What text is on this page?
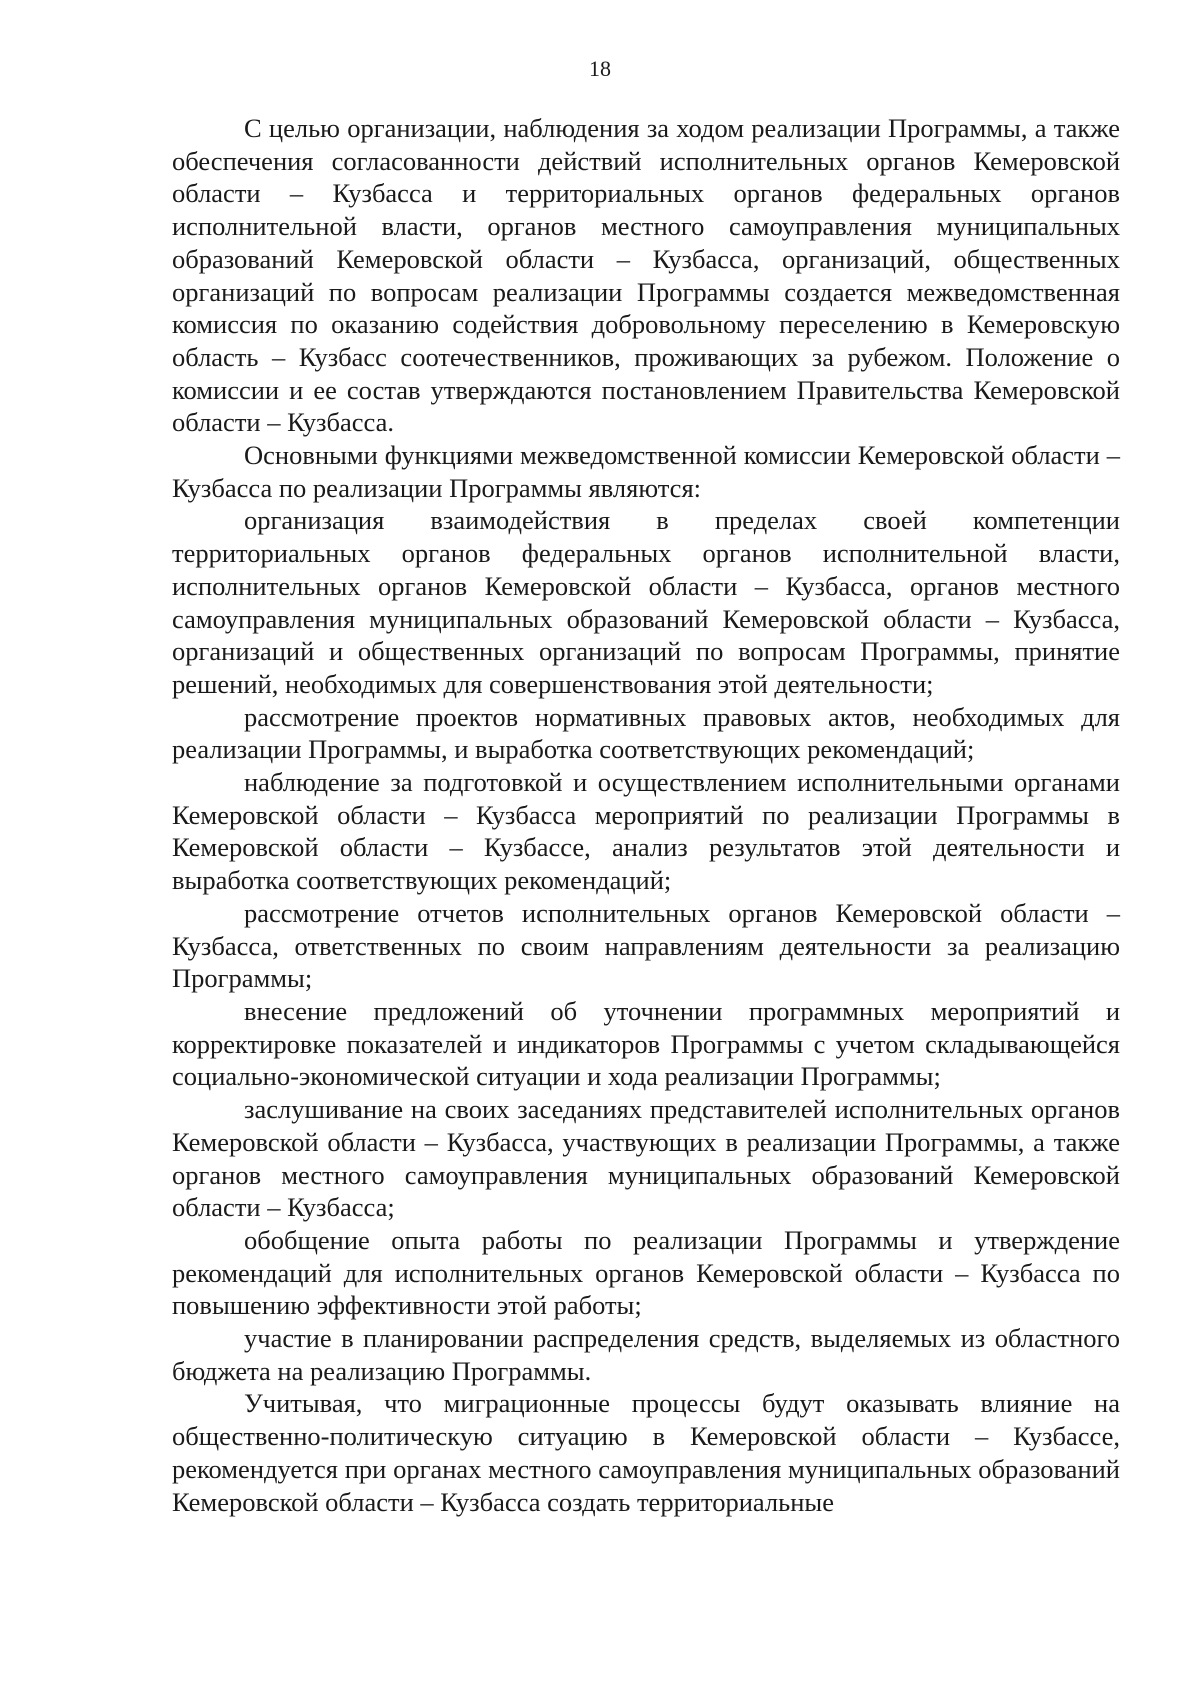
18

С целью организации, наблюдения за ходом реализации Программы, а также обеспечения согласованности действий исполнительных органов Кемеровской области – Кузбасса и территориальных органов федеральных органов исполнительной власти, органов местного самоуправления муниципальных образований Кемеровской области – Кузбасса, организаций, общественных организаций по вопросам реализации Программы создается межведомственная комиссия по оказанию содействия добровольному переселению в Кемеровскую область – Кузбасс соотечественников, проживающих за рубежом. Положение о комиссии и ее состав утверждаются постановлением Правительства Кемеровской области – Кузбасса.

Основными функциями межведомственной комиссии Кемеровской области – Кузбасса по реализации Программы являются:

организация взаимодействия в пределах своей компетенции территориальных органов федеральных органов исполнительной власти, исполнительных органов Кемеровской области – Кузбасса, органов местного самоуправления муниципальных образований Кемеровской области – Кузбасса, организаций и общественных организаций по вопросам Программы, принятие решений, необходимых для совершенствования этой деятельности;

рассмотрение проектов нормативных правовых актов, необходимых для реализации Программы, и выработка соответствующих рекомендаций;

наблюдение за подготовкой и осуществлением исполнительными органами Кемеровской области – Кузбасса мероприятий по реализации Программы в Кемеровской области – Кузбассе, анализ результатов этой деятельности и выработка соответствующих рекомендаций;

рассмотрение отчетов исполнительных органов Кемеровской области – Кузбасса, ответственных по своим направлениям деятельности за реализацию Программы;

внесение предложений об уточнении программных мероприятий и корректировке показателей и индикаторов Программы с учетом складывающейся социально-экономической ситуации и хода реализации Программы;

заслушивание на своих заседаниях представителей исполнительных органов Кемеровской области – Кузбасса, участвующих в реализации Программы, а также органов местного самоуправления муниципальных образований Кемеровской области – Кузбасса;

обобщение опыта работы по реализации Программы и утверждение рекомендаций для исполнительных органов Кемеровской области – Кузбасса по повышению эффективности этой работы;

участие в планировании распределения средств, выделяемых из областного бюджета на реализацию Программы.

Учитывая, что миграционные процессы будут оказывать влияние на общественно-политическую ситуацию в Кемеровской области – Кузбассе, рекомендуется при органах местного самоуправления муниципальных образований Кемеровской области – Кузбасса создать территориальные
